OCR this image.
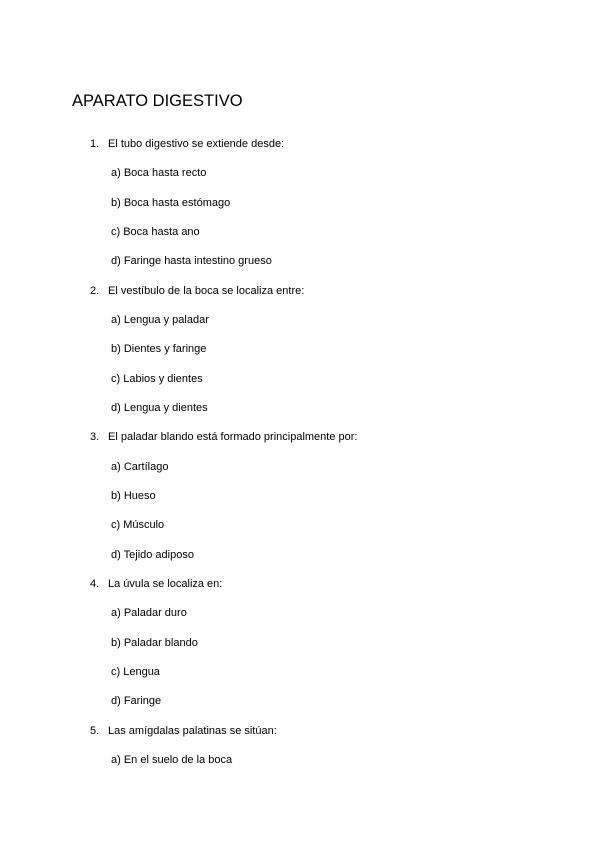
APARATO DIGESTIVO
1. El tubo digestivo se extiende desde:
a) Boca hasta recto
b) Boca hasta estómago
c) Boca hasta ano
d) Faringe hasta intestino grueso
2. El vestíbulo de la boca se localiza entre:
a) Lengua y paladar
b) Dientes y faringe
c) Labios y dientes
d) Lengua y dientes
3. El paladar blando está formado principalmente por:
a) Cartílago
b) Hueso
c) Músculo
d) Tejido adiposo
4. La úvula se localiza en:
a) Paladar duro
b) Paladar blando
c) Lengua
d) Faringe
5. Las amígdalas palatinas se sitúan:
a) En el suelo de la boca
